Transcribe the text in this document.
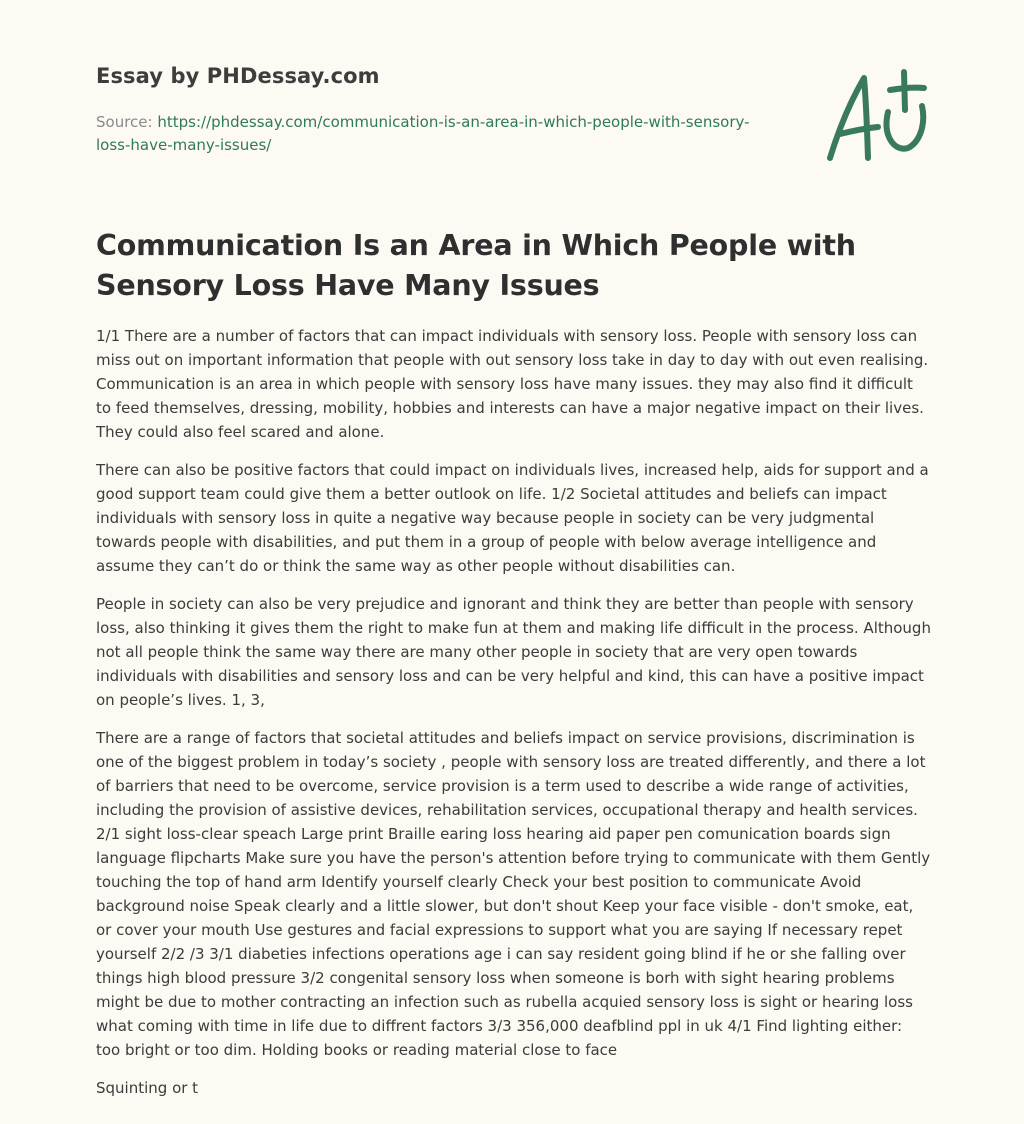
Essay by PHDessay.com
Source: https://phdessay.com/communication-is-an-area-in-which-people-with-sensory-loss-have-many-issues/
Communication Is an Area in Which People with Sensory Loss Have Many Issues

1/1 There are a number of factors that can impact individuals with sensory loss. People with sensory loss can miss out on important information that people with out sensory loss take in day to day with out even realising. Communication is an area in which people with sensory loss have many issues. they may also find it difficult to feed themselves, dressing, mobility, hobbies and interests can have a major negative impact on their lives. They could also feel scared and alone.

There can also be positive factors that could impact on individuals lives, increased help, aids for support and a good support team could give them a better outlook on life. 1/2 Societal attitudes and beliefs can impact individuals with sensory loss in quite a negative way because people in society can be very judgmental towards people with disabilities, and put them in a group of people with below average intelligence and assume they can’t do or think the same way as other people without disabilities can.

People in society can also be very prejudice and ignorant and think they are better than people with sensory loss, also thinking it gives them the right to make fun at them and making life difficult in the process. Although not all people think the same way there are many other people in society that are very open towards individuals with disabilities and sensory loss and can be very helpful and kind, this can have a positive impact on people’s lives. 1, 3,

There are a range of factors that societal attitudes and beliefs impact on service provisions, discrimination is one of the biggest problem in today’s society , people with sensory loss are treated differently, and there a lot of barriers that need to be overcome, service provision is a term used to describe a wide range of activities, including the provision of assistive devices, rehabilitation services, occupational therapy and health services. 2/1 sight loss-clear speach Large print Braille earing loss hearing aid paper pen comunication boards sign language flipcharts Make sure you have the person's attention before trying to communicate with them Gently touching the top of hand arm Identify yourself clearly Check your best position to communicate Avoid background noise Speak clearly and a little slower, but don't shout Keep your face visible - don't smoke, eat, or cover your mouth Use gestures and facial expressions to support what you are saying If necessary repet yourself 2/2 /3 3/1 diabeties infections operations age i can say resident going blind if he or she falling over things high blood pressure 3/2 congenital sensory loss when someone is borh with sight hearing problems might be due to mother contracting an infection such as rubella acquied sensory loss is sight or hearing loss what coming with time in life due to diffrent factors 3/3 356,000 deafblind ppl in uk 4/1 Find lighting either: too bright or too dim. Holding books or reading material close to face

Squinting or t
